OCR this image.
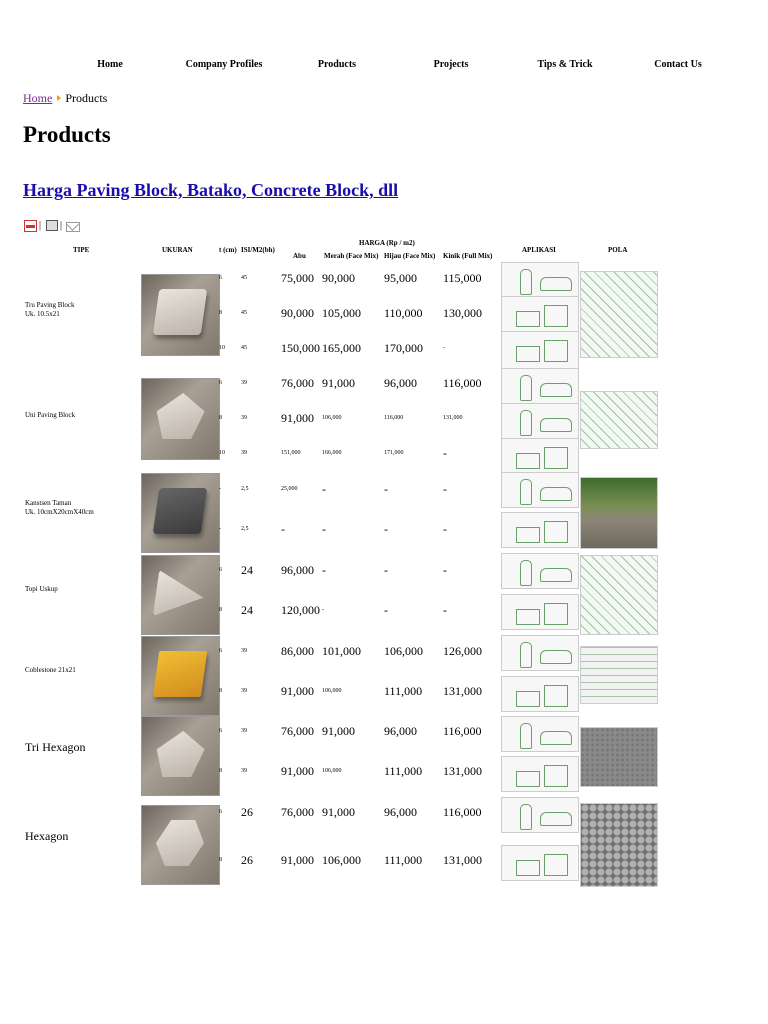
Home	Company Profiles	Products	Projects	Tips & Trick	Contact Us
Home Products
Products
Harga Paving Block, Batako, Concrete Block, dll
| |
TIPE	UKURAN	t (cm) ISI/M2(bh)
HARGA (Rp / m2)
Abu	Merah (Face Mix) Hijau (Face Mix) Kinik (Full Mix)
APLIKASI	POLA
Tru Paving Block
Uk. 10.5x21
6	45	75,000 90,000 95,000 115,000
8	45	90,000 105,000 110,000 130,000
10	45	150,000 165,000 170,000	-
Uni Paving Block
6	39	76,000 91,000 96,000 116,000
8	39	91,000 106,000	116,000	131,000
10	39	151,000	166,000	171,000	-
Kanstsen Taman
Uk. 10cmX20cmX40cm
-	2,5	25,000 -	-	-
-	2,5	-	-	-	-
Topi Uskup
6 24 96,000 -	-	-
8 24 120,000 -	-	-
Coblestone 21x21
6	39	86,000 101,000 106,000 126,000
8	39	91,000 106,000	111,000 131,000
Tri Hexagon
6	39	76,000 91,000 96,000 116,000
8	39	91,000 106,000	111,000 131,000
Hexagon
6 26 76,000 91,000 96,000 116,000
8 26 91,000 106,000 111,000 131,000
